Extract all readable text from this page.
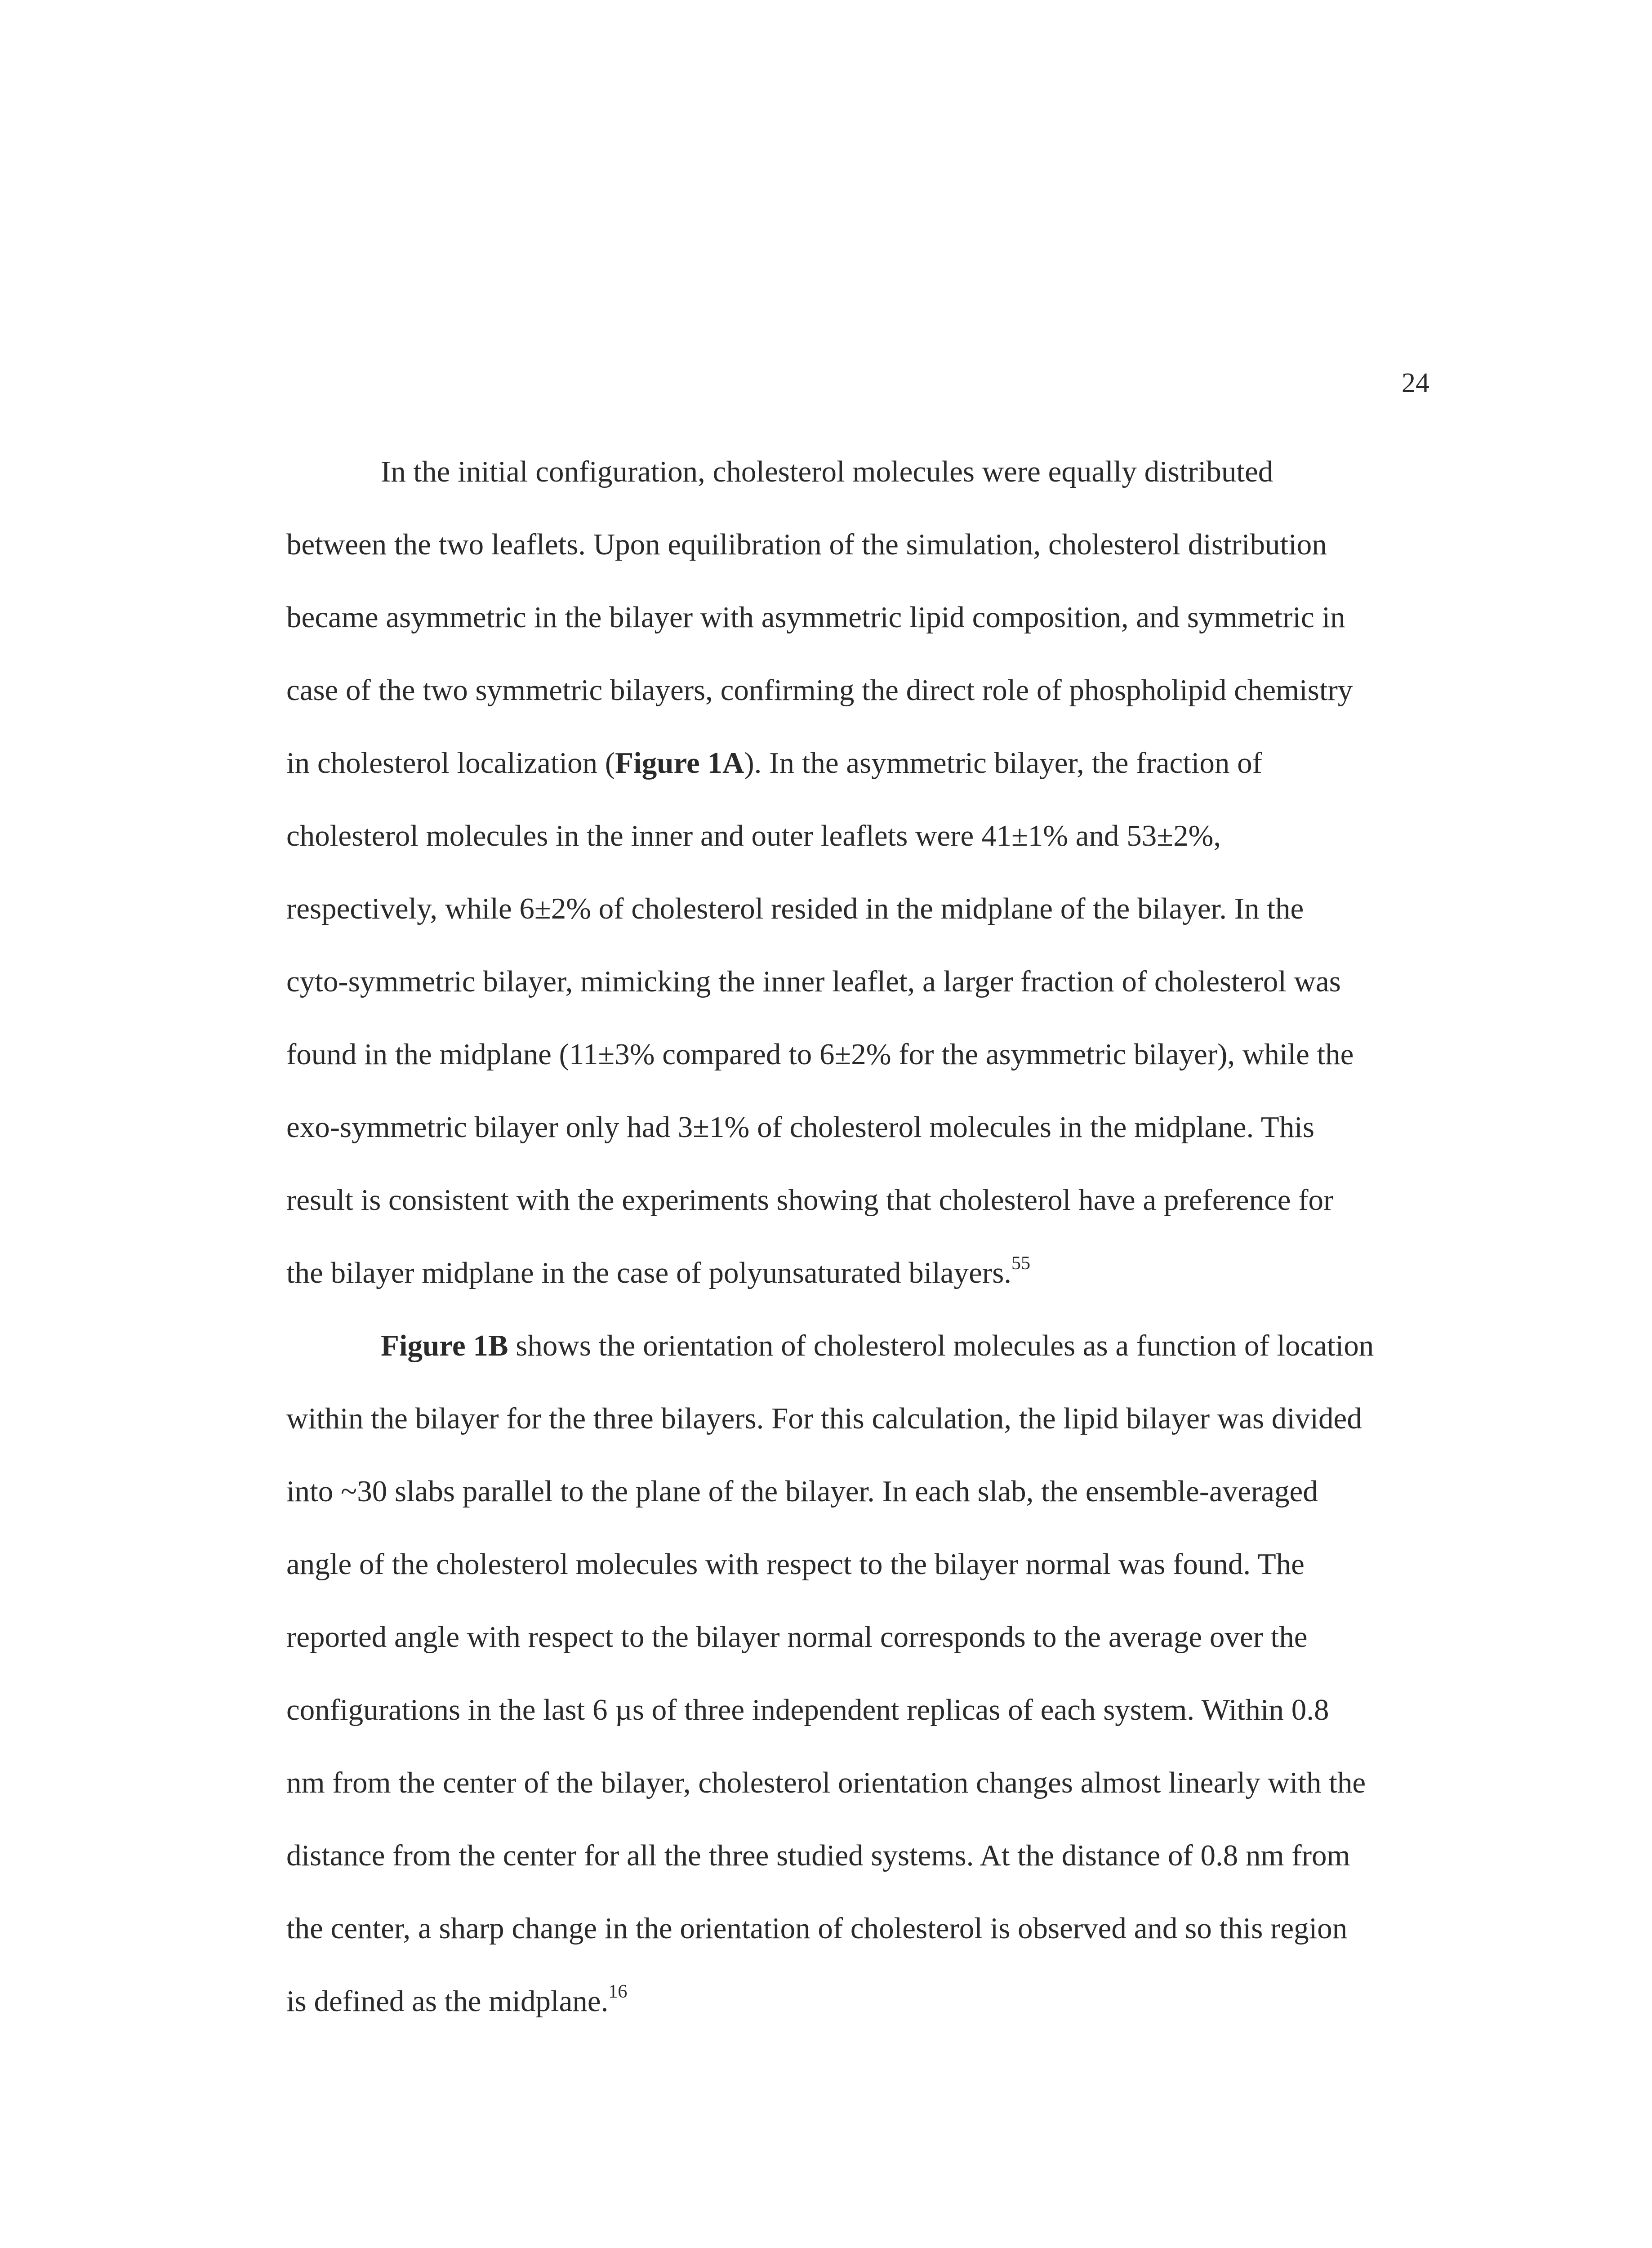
24
In the initial configuration, cholesterol molecules were equally distributed
between the two leaflets. Upon equilibration of the simulation, cholesterol distribution
became asymmetric in the bilayer with asymmetric lipid composition, and symmetric in
case of the two symmetric bilayers, confirming the direct role of phospholipid chemistry
in cholesterol localization (Figure 1A). In the asymmetric bilayer, the fraction of
cholesterol molecules in the inner and outer leaflets were 41±1% and 53±2%,
respectively, while 6±2% of cholesterol resided in the midplane of the bilayer. In the
cyto-symmetric bilayer, mimicking the inner leaflet, a larger fraction of cholesterol was
found in the midplane (11±3% compared to 6±2% for the asymmetric bilayer), while the
exo-symmetric bilayer only had 3±1% of cholesterol molecules in the midplane. This
result is consistent with the experiments showing that cholesterol have a preference for
the bilayer midplane in the case of polyunsaturated bilayers.$^{55}$
Figure 1B shows the orientation of cholesterol molecules as a function of location
within the bilayer for the three bilayers. For this calculation, the lipid bilayer was divided
into ~30 slabs parallel to the plane of the bilayer. In each slab, the ensemble-averaged
angle of the cholesterol molecules with respect to the bilayer normal was found. The
reported angle with respect to the bilayer normal corresponds to the average over the
configurations in the last 6 µs of three independent replicas of each system. Within 0.8
nm from the center of the bilayer, cholesterol orientation changes almost linearly with the
distance from the center for all the three studied systems. At the distance of 0.8 nm from
the center, a sharp change in the orientation of cholesterol is observed and so this region
is defined as the midplane.$^{16}$
